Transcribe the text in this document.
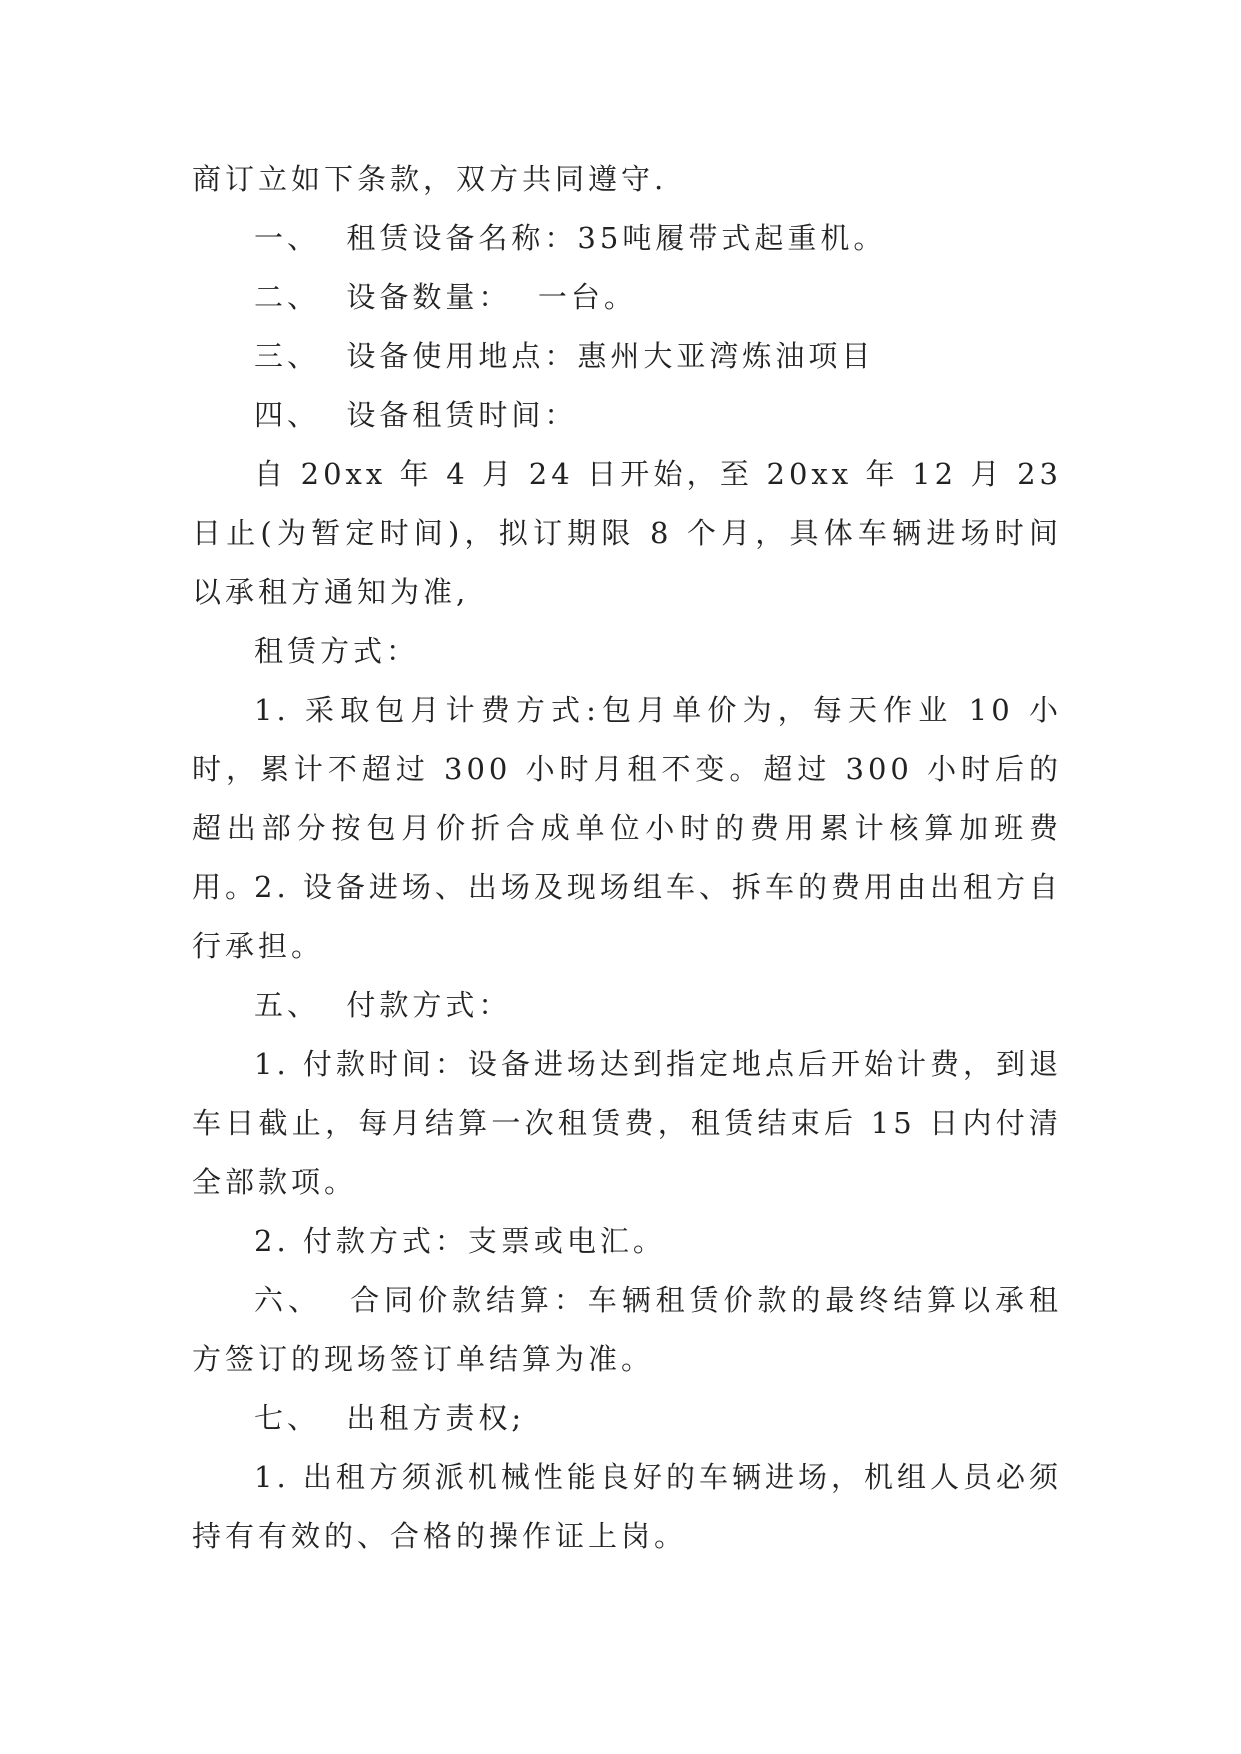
商订立如下条款，双方共同遵守.

一、  租赁设备名称：35吨履带式起重机。

二、  设备数量：  一台。

三、  设备使用地点：惠州大亚湾炼油项目

四、  设备租赁时间：

自 20xx 年 4 月 24 日开始，至 20xx 年 12 月 23 日止(为暂定时间)，拟订期限 8 个月，具体车辆进场时间以承租方通知为准,

租赁方式：

1. 采取包月计费方式:包月单价为，每天作业 10 小时，累计不超过 300 小时月租不变。超过 300 小时后的超出部分按包月价折合成单位小时的费用累计核算加班费用。

2. 设备进场、出场及现场组车、拆车的费用由出租方自行承担。

五、  付款方式：

1. 付款时间：设备进场达到指定地点后开始计费，到退车日截止，每月结算一次租赁费，租赁结束后 15 日内付清全部款项。

2. 付款方式：支票或电汇。

六、  合同价款结算：车辆租赁价款的最终结算以承租方签订的现场签订单结算为准。

七、  出租方责权;

1. 出租方须派机械性能良好的车辆进场，机组人员必须持有有效的、合格的操作证上岗。
